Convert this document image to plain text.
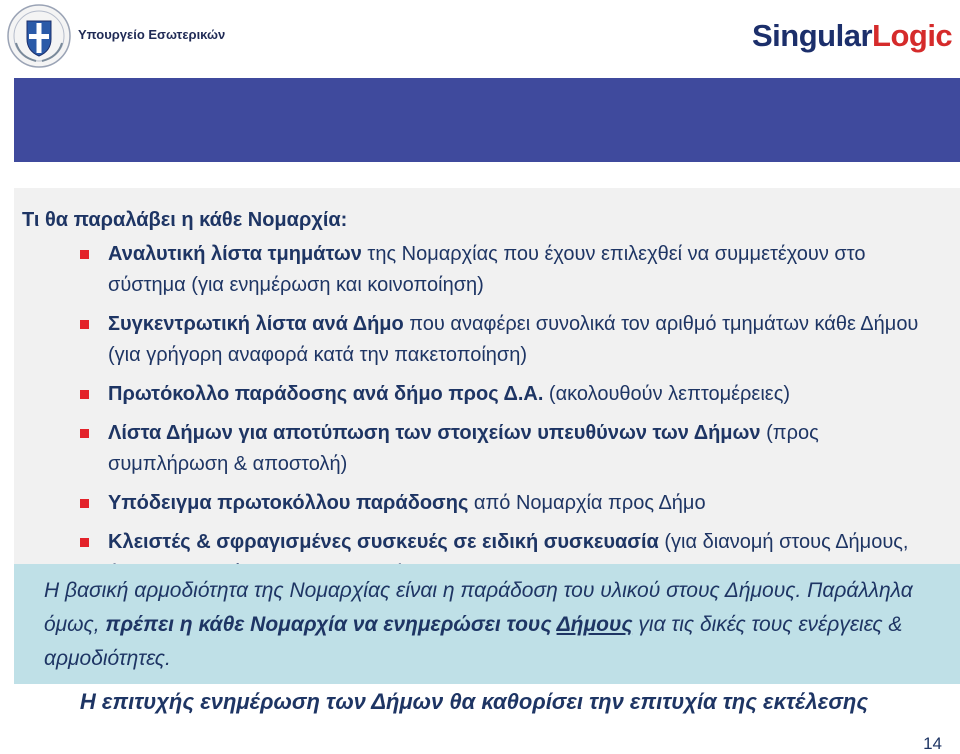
Υπουργείο Εσωτερικών	SingularLogic
Υλικό SRT
Τι θα παραλάβει η κάθε Νομαρχία:
Αναλυτική λίστα τμημάτων της Νομαρχίας που έχουν επιλεχθεί να συμμετέχουν στο σύστημα (για ενημέρωση και κοινοποίηση)
Συγκεντρωτική λίστα ανά Δήμο που αναφέρει συνολικά τον αριθμό τμημάτων κάθε Δήμου (για γρήγορη αναφορά κατά την πακετοποίηση)
Πρωτόκολλο παράδοσης ανά δήμο προς Δ.Α. (ακολουθούν λεπτομέρειες)
Λίστα Δήμων για αποτύπωση των στοιχείων υπευθύνων των Δήμων (προς συμπλήρωση & αποστολή)
Υπόδειγμα πρωτοκόλλου παράδοσης από Νομαρχία προς Δήμο
Κλειστές & σφραγισμένες συσκευές σε ειδική συσκευασία (για διανομή στους Δήμους,

Η βασική αρμοδιότητα της Νομαρχίας είναι η παράδοση του υλικού στους Δήμους. Παράλληλα όμως, πρέπει η κάθε Νομαρχία να ενημερώσει τους Δήμους για τις δικές τους ενέργειες & αρμοδιότητες.

Η επιτυχής ενημέρωση των Δήμων θα καθορίσει την επιτυχία της εκτέλεσης
14
